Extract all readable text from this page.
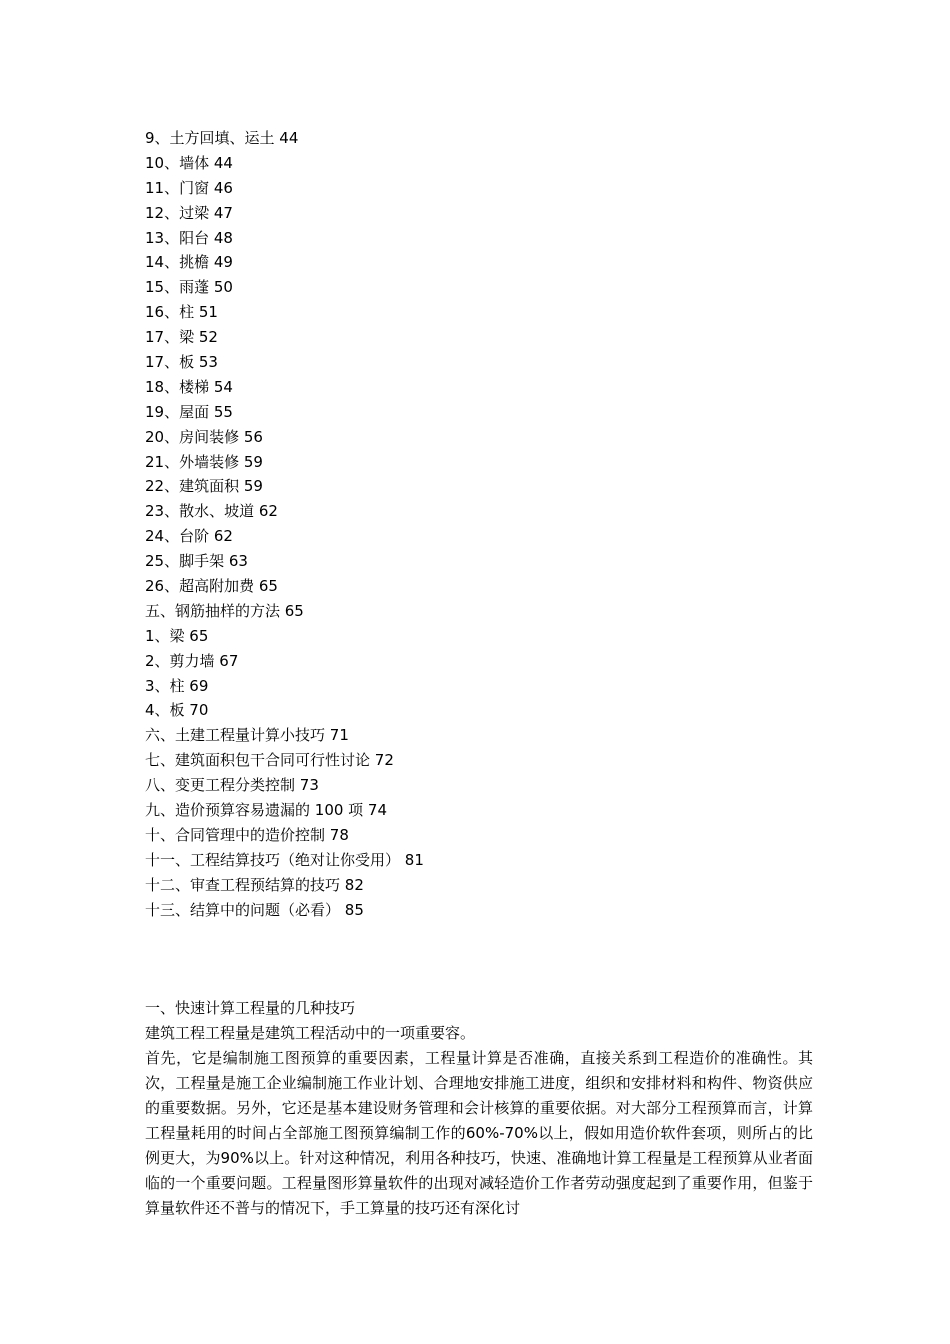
9、土方回填、运土 44
10、墙体 44
11、门窗 46
12、过梁 47
13、阳台 48
14、挑檐 49
15、雨蓬 50
16、柱 51
17、梁 52
17、板 53
18、楼梯 54
19、屋面 55
20、房间装修 56
21、外墙装修 59
22、建筑面积 59
23、散水、坡道 62
24、台阶 62
25、脚手架 63
26、超高附加费 65
五、钢筋抽样的方法 65
1、梁 65
2、剪力墙 67
3、柱 69
4、板 70
六、土建工程量计算小技巧 71
七、建筑面积包干合同可行性讨论 72
八、变更工程分类控制 73
九、造价预算容易遗漏的 100 项 74
十、合同管理中的造价控制 78
十一、工程结算技巧（绝对让你受用） 81
十二、审查工程预结算的技巧 82
十三、结算中的问题（必看） 85
一、快速计算工程量的几种技巧

建筑工程工程量是建筑工程活动中的一项重要容。

首先，它是编制施工图预算的重要因素，工程量计算是否准确，直接关系到工程造价的准确性。其次，工程量是施工企业编制施工作业计划、合理地安排施工进度，组织和安排材料和构件、物资供应的重要数据。另外，它还是基本建设财务管理和会计核算的重要依据。对大部分工程预算而言，计算工程量耗用的时间占全部施工图预算编制工作的60%-70%以上，假如用造价软件套项，则所占的比例更大，为90%以上。针对这种情况，利用各种技巧，快速、准确地计算工程量是工程预算从业者面临的一个重要问题。工程量图形算量软件的出现对减轻造价工作者劳动强度起到了重要作用，但鉴于算量软件还不普与的情况下，手工算量的技巧还有深化讨
